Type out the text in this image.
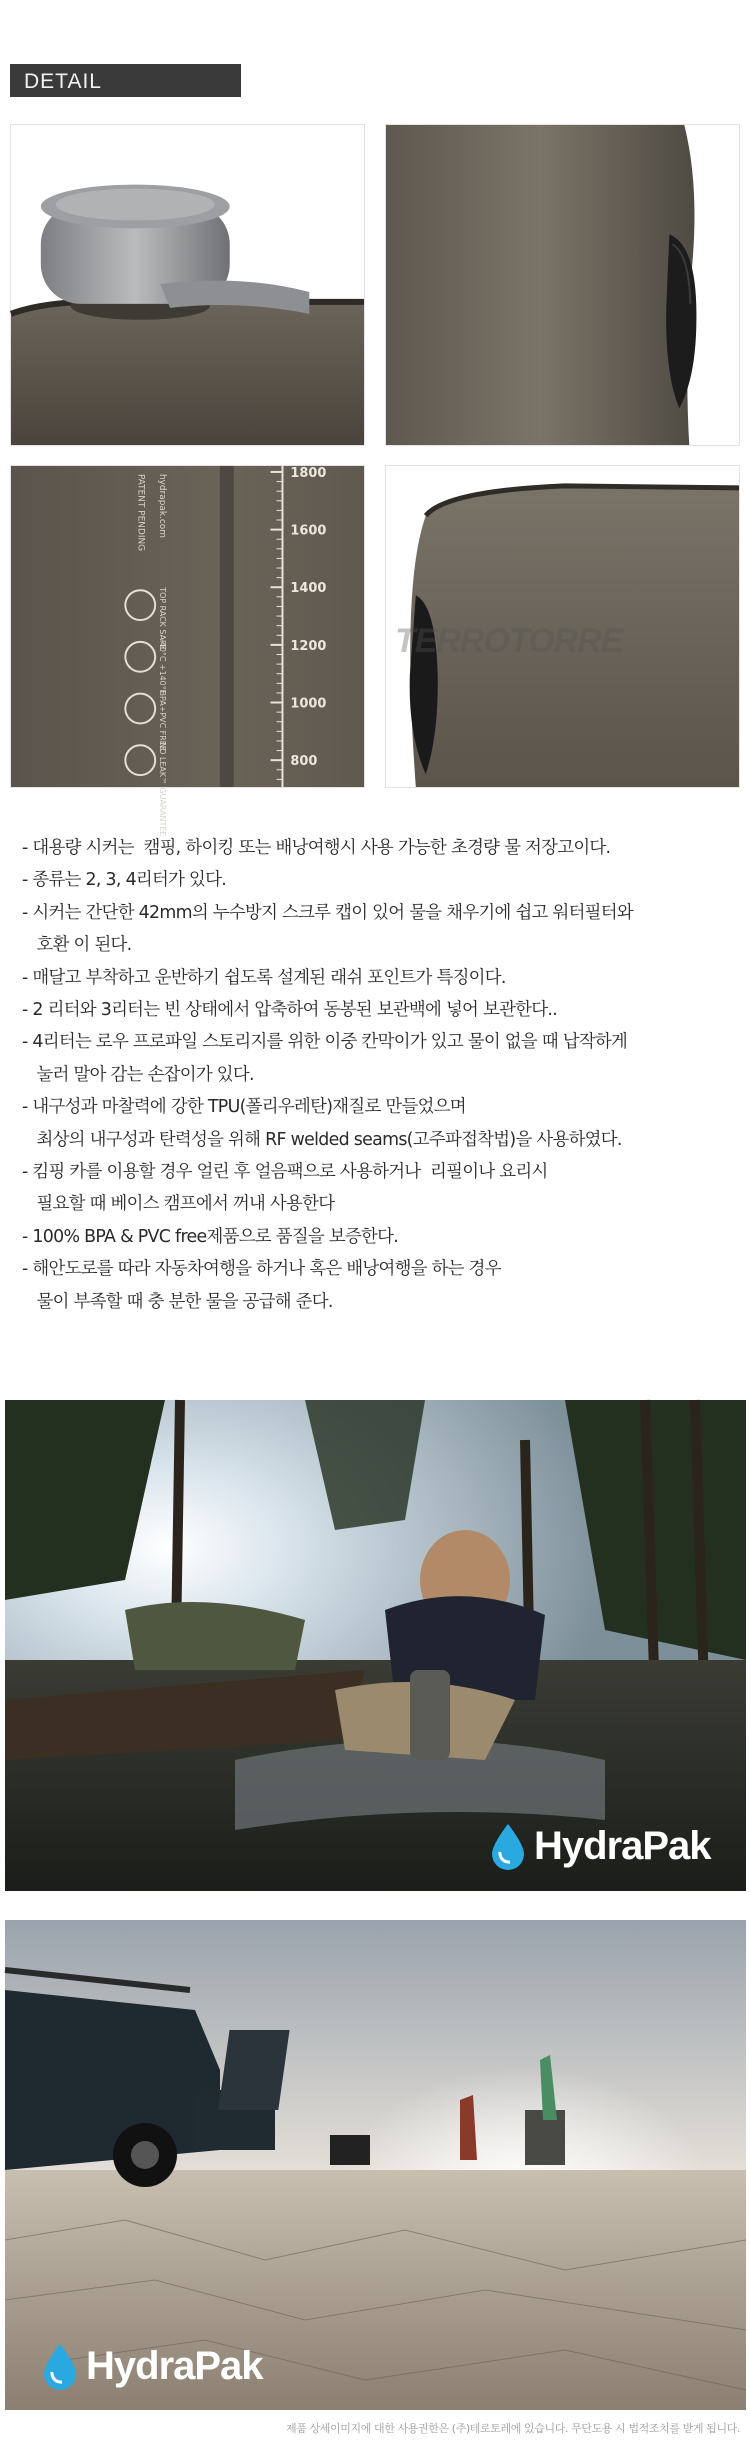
DETAIL
1800
1600
1400
1200
1000
800
PATENT PENDING hydrapak.com
TOP RACK SAFE
-40°C +140°F
BPA+PVC FREE
NO LEAK™ GUARANTEE
TERROTORRE
- 대용량 시커는  캠핑, 하이킹 또는 배낭여행시 사용 가능한 초경량 물 저장고이다.
- 종류는 2, 3, 4리터가 있다.
- 시커는 간단한 42mm의 누수방지 스크루 캡이 있어 물을 채우기에 쉽고 워터필터와
호환 이 된다.
- 매달고 부착하고 운반하기 쉽도록 설계된 래쉬 포인트가 특징이다.
- 2 리터와 3리터는 빈 상태에서 압축하여 동봉된 보관백에 넣어 보관한다..
- 4리터는 로우 프로파일 스토리지를 위한 이중 칸막이가 있고 물이 없을 때 납작하게
눌러 말아 감는 손잡이가 있다.
- 내구성과 마찰력에 강한 TPU(폴리우레탄)재질로 만들었으며
최상의 내구성과 탄력성을 위해 RF welded seams(고주파접착법)을 사용하였다.
- 킴핑 카를 이용할 경우 얼린 후 얼음팩으로 사용하거나  리필이나 요리시
필요할 때 베이스 캠프에서 꺼내 사용한다
- 100% BPA & PVC free제품으로 품질을 보증한다.
- 해안도로를 따라 자동차여행을 하거나 혹은 배낭여행을 하는 경우
물이 부족할 때 충 분한 물을 공급해 준다.
HydraPak
HydraPak
제품 상세이미지에 대한 사용권한은 (주)테로토레에 있습니다. 무단도용 시 법적조치를 받게 됩니다.
